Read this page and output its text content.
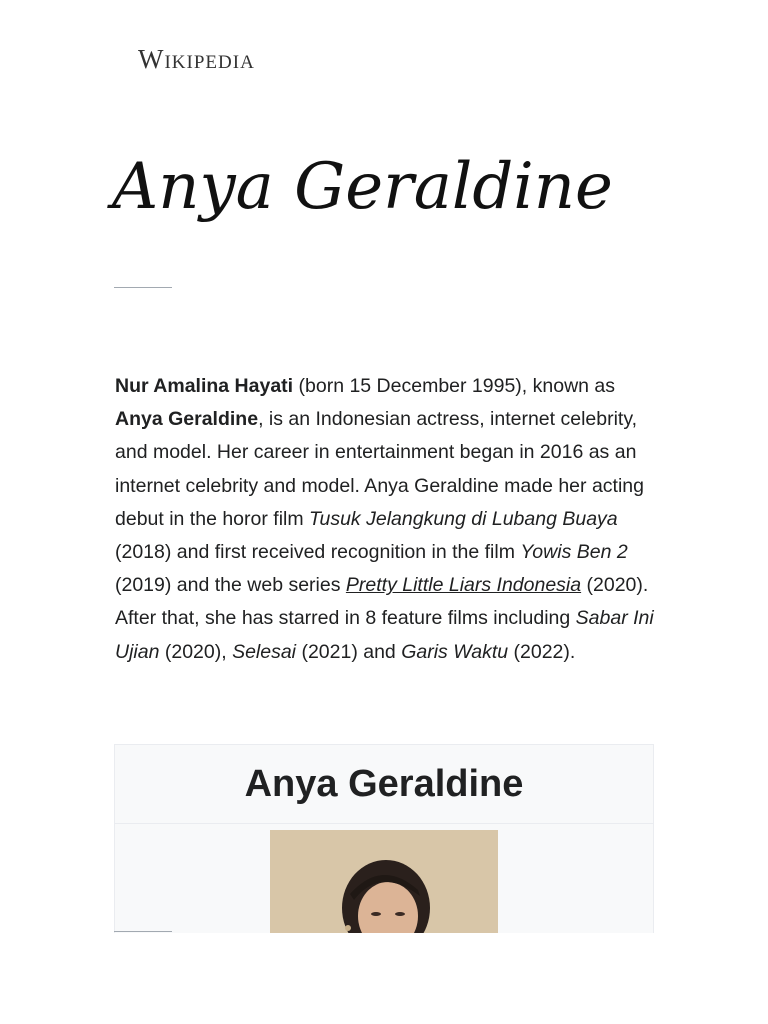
Wikipedia
Anya Geraldine
Nur Amalina Hayati (born 15 December 1995), known as Anya Geraldine, is an Indonesian actress, internet celebrity, and model. Her career in entertainment began in 2016 as an internet celebrity and model. Anya Geraldine made her acting debut in the horor film Tusuk Jelangkung di Lubang Buaya (2018) and first received recognition in the film Yowis Ben 2 (2019) and the web series Pretty Little Liars Indonesia (2020). After that, she has starred in 8 feature films including Sabar Ini Ujian (2020), Selesai (2021) and Garis Waktu (2022).
Anya Geraldine
